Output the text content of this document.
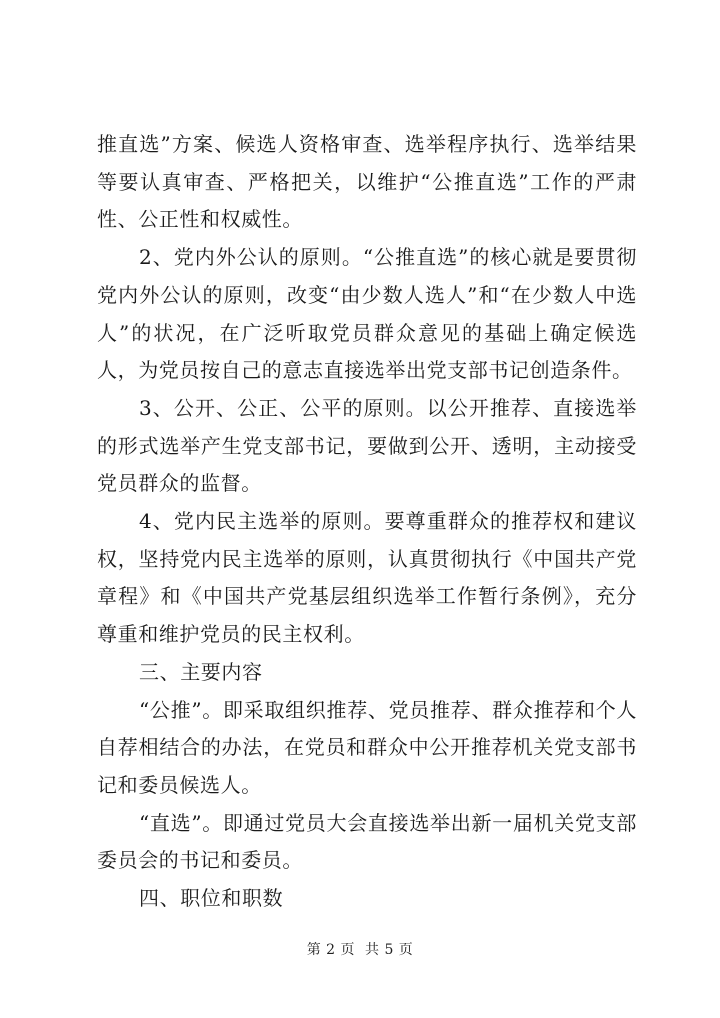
推直选”方案、候选人资格审查、选举程序执行、选举结果等要认真审查、严格把关，以维护“公推直选”工作的严肃性、公正性和权威性。

2、党内外公认的原则。“公推直选”的核心就是要贯彻党内外公认的原则，改变“由少数人选人”和“在少数人中选人”的状况，在广泛听取党员群众意见的基础上确定候选人，为党员按自己的意志直接选举出党支部书记创造条件。

3、公开、公正、公平的原则。以公开推荐、直接选举的形式选举产生党支部书记，要做到公开、透明，主动接受党员群众的监督。

4、党内民主选举的原则。要尊重群众的推荐权和建议权，坚持党内民主选举的原则，认真贯彻执行《中国共产党章程》和《中国共产党基层组织选举工作暂行条例》，充分尊重和维护党员的民主权利。

三、主要内容

“公推”。即采取组织推荐、党员推荐、群众推荐和个人自荐相结合的办法，在党员和群众中公开推荐机关党支部书记和委员候选人。

“直选”。即通过党员大会直接选举出新一届机关党支部委员会的书记和委员。

四、职位和职数

第 2 页 共 5 页
